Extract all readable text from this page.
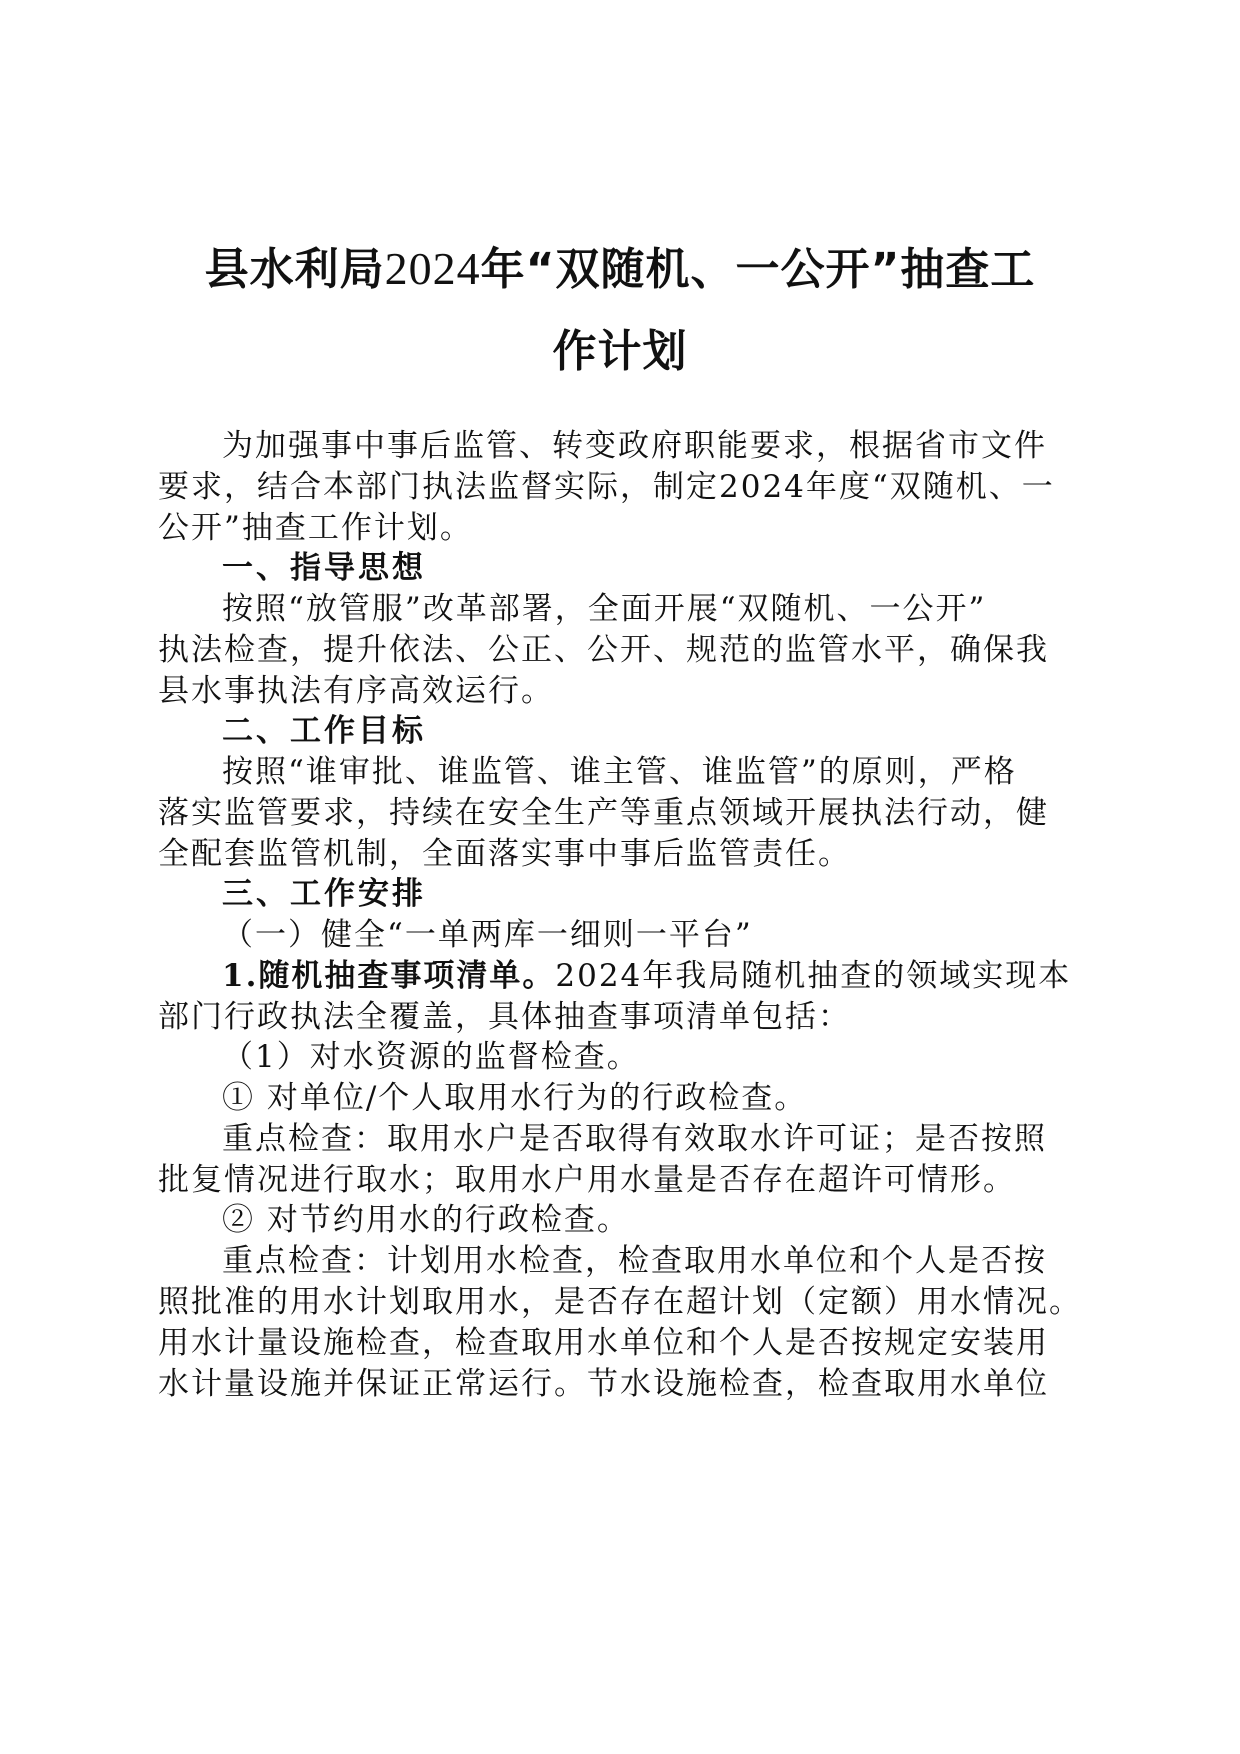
县水利局2024年“双随机、一公开”抽查工
作计划
为加强事中事后监管、转变政府职能要求，根据省市文件
要求，结合本部门执法监督实际，制定2024年度“双随机、一
公开”抽查工作计划。
一、指导思想
按照“放管服”改革部署，全面开展“双随机、一公开”
执法检查，提升依法、公正、公开、规范的监管水平，确保我
县水事执法有序高效运行。
二、工作目标
按照“谁审批、谁监管、谁主管、谁监管”的原则，严格
落实监管要求，持续在安全生产等重点领域开展执法行动，健
全配套监管机制，全面落实事中事后监管责任。
三、工作安排
（一）健全“一单两库一细则一平台”
1.随机抽查事项清单。2024年我局随机抽查的领域实现本
部门行政执法全覆盖，具体抽查事项清单包括：
（1）对水资源的监督检查。
① 对单位/个人取用水行为的行政检查。
重点检查：取用水户是否取得有效取水许可证；是否按照
批复情况进行取水；取用水户用水量是否存在超许可情形。
② 对节约用水的行政检查。
重点检查：计划用水检查，检查取用水单位和个人是否按
照批准的用水计划取用水，是否存在超计划（定额）用水情况。
用水计量设施检查，检查取用水单位和个人是否按规定安装用
水计量设施并保证正常运行。节水设施检查，检查取用水单位
